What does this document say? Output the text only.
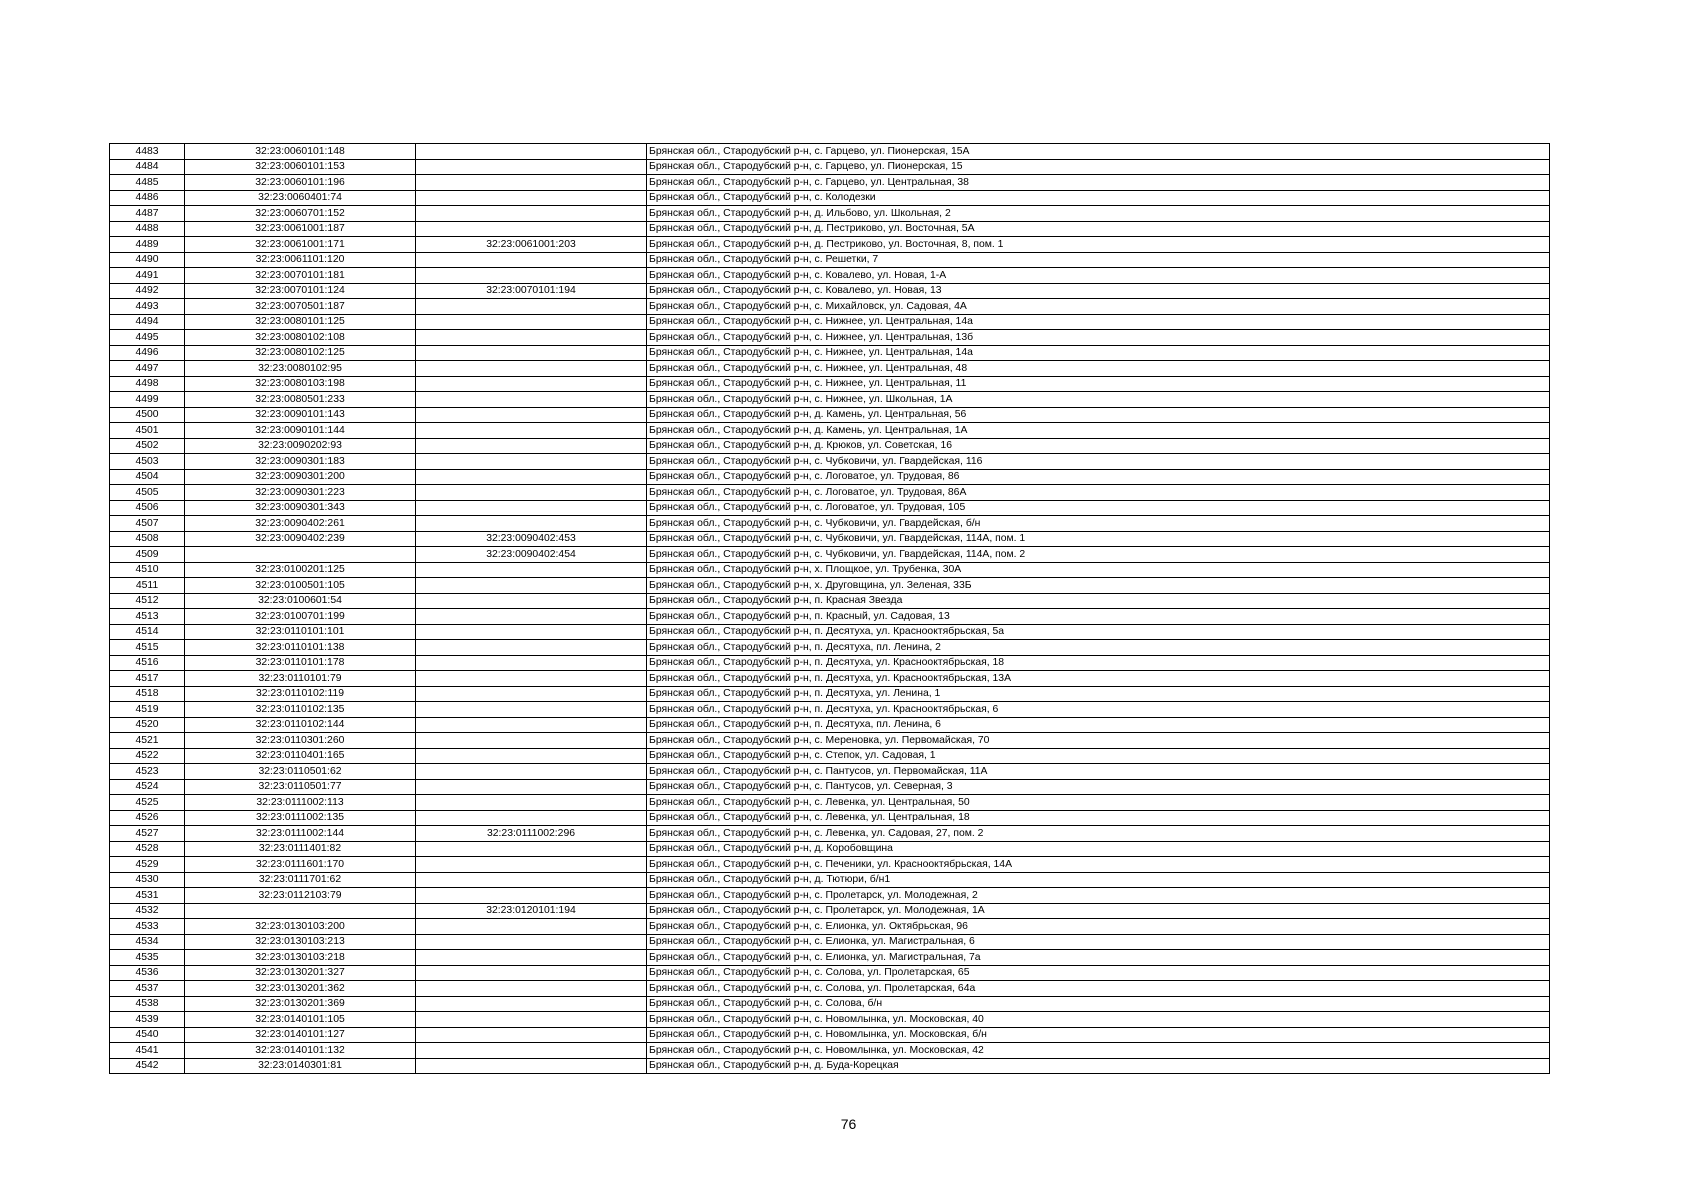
4483	32:23:0060101:148		Брянская обл., Стародубский р-н, с. Гарцево, ул. Пионерская, 15А
4484	32:23:0060101:153		Брянская обл., Стародубский р-н, с. Гарцево, ул. Пионерская, 15
4485	32:23:0060101:196		Брянская обл., Стародубский р-н, с. Гарцево, ул. Центральная, 38
4486	32:23:0060401:74		Брянская обл., Стародубский р-н, с. Колодезки
4487	32:23:0060701:152		Брянская обл., Стародубский р-н, д. Ильбово, ул. Школьная, 2
4488	32:23:0061001:187		Брянская обл., Стародубский р-н, д. Пестриково, ул. Восточная, 5А
4489	32:23:0061001:171	32:23:0061001:203	Брянская обл., Стародубский р-н, д. Пестриково, ул. Восточная, 8, пом. 1
4490	32:23:0061101:120		Брянская обл., Стародубский р-н, с. Решетки, 7
4491	32:23:0070101:181		Брянская обл., Стародубский р-н, с. Ковалево, ул. Новая, 1-А
4492	32:23:0070101:124	32:23:0070101:194	Брянская обл., Стародубский р-н, с. Ковалево, ул. Новая, 13
4493	32:23:0070501:187		Брянская обл., Стародубский р-н, с. Михайловск, ул. Садовая, 4А
4494	32:23:0080101:125		Брянская обл., Стародубский р-н, с. Нижнее, ул. Центральная, 14а
4495	32:23:0080102:108		Брянская обл., Стародубский р-н, с. Нижнее, ул. Центральная, 13б
4496	32:23:0080102:125		Брянская обл., Стародубский р-н, с. Нижнее, ул. Центральная, 14а
4497	32:23:0080102:95		Брянская обл., Стародубский р-н, с. Нижнее, ул. Центральная, 48
4498	32:23:0080103:198		Брянская обл., Стародубский р-н, с. Нижнее, ул. Центральная, 11
4499	32:23:0080501:233		Брянская обл., Стародубский р-н, с. Нижнее, ул. Школьная, 1А
4500	32:23:0090101:143		Брянская обл., Стародубский р-н, д. Камень, ул. Центральная, 56
4501	32:23:0090101:144		Брянская обл., Стародубский р-н, д. Камень, ул. Центральная, 1А
4502	32:23:0090202:93		Брянская обл., Стародубский р-н, д. Крюков, ул. Советская, 16
4503	32:23:0090301:183		Брянская обл., Стародубский р-н, с. Чубковичи, ул. Гвардейская, 116
4504	32:23:0090301:200		Брянская обл., Стародубский р-н, с. Логоватое, ул. Трудовая, 86
4505	32:23:0090301:223		Брянская обл., Стародубский р-н, с. Логоватое, ул. Трудовая, 86А
4506	32:23:0090301:343		Брянская обл., Стародубский р-н, с. Логоватое, ул. Трудовая, 105
4507	32:23:0090402:261		Брянская обл., Стародубский р-н, с. Чубковичи, ул. Гвардейская, б/н
4508	32:23:0090402:239	32:23:0090402:453	Брянская обл., Стародубский р-н, с. Чубковичи, ул. Гвардейская, 114А, пом. 1
4509		32:23:0090402:454	Брянская обл., Стародубский р-н, с. Чубковичи, ул. Гвардейская, 114А, пом. 2
4510	32:23:0100201:125		Брянская обл., Стародубский р-н, х. Площкое, ул. Трубенка, 30А
4511	32:23:0100501:105		Брянская обл., Стародубский р-н, х. Друговщина, ул. Зеленая, 33Б
4512	32:23:0100601:54		Брянская обл., Стародубский р-н, п. Красная Звезда
4513	32:23:0100701:199		Брянская обл., Стародубский р-н, п. Красный, ул. Садовая, 13
4514	32:23:0110101:101		Брянская обл., Стародубский р-н, п. Десятуха, ул. Краснооктябрьская, 5а
4515	32:23:0110101:138		Брянская обл., Стародубский р-н, п. Десятуха, пл. Ленина, 2
4516	32:23:0110101:178		Брянская обл., Стародубский р-н, п. Десятуха, ул. Краснооктябрьская, 18
4517	32:23:0110101:79		Брянская обл., Стародубский р-н, п. Десятуха, ул. Краснооктябрьская, 13А
4518	32:23:0110102:119		Брянская обл., Стародубский р-н, п. Десятуха, ул. Ленина, 1
4519	32:23:0110102:135		Брянская обл., Стародубский р-н, п. Десятуха, ул. Краснооктябрьская, 6
4520	32:23:0110102:144		Брянская обл., Стародубский р-н, п. Десятуха, пл. Ленина, 6
4521	32:23:0110301:260		Брянская обл., Стародубский р-н, с. Мереновка, ул. Первомайская, 70
4522	32:23:0110401:165		Брянская обл., Стародубский р-н, с. Степок, ул. Садовая, 1
4523	32:23:0110501:62		Брянская обл., Стародубский р-н, с. Пантусов, ул. Первомайская, 11А
4524	32:23:0110501:77		Брянская обл., Стародубский р-н, с. Пантусов, ул. Северная, 3
4525	32:23:0111002:113		Брянская обл., Стародубский р-н, с. Левенка, ул. Центральная, 50
4526	32:23:0111002:135		Брянская обл., Стародубский р-н, с. Левенка, ул. Центральная, 18
4527	32:23:0111002:144	32:23:0111002:296	Брянская обл., Стародубский р-н, с. Левенка, ул. Садовая, 27, пом. 2
4528	32:23:0111401:82		Брянская обл., Стародубский р-н, д. Коробовщина
4529	32:23:0111601:170		Брянская обл., Стародубский р-н, с. Печеники, ул. Краснооктябрьская, 14А
4530	32:23:0111701:62		Брянская обл., Стародубский р-н, д. Тютюри, б/н1
4531	32:23:0112103:79		Брянская обл., Стародубский р-н, с. Пролетарск, ул. Молодежная, 2
4532		32:23:0120101:194	Брянская обл., Стародубский р-н, с. Пролетарск, ул. Молодежная, 1А
4533	32:23:0130103:200		Брянская обл., Стародубский р-н, с. Елионка, ул. Октябрьская, 96
4534	32:23:0130103:213		Брянская обл., Стародубский р-н, с. Елионка, ул. Магистральная, 6
4535	32:23:0130103:218		Брянская обл., Стародубский р-н, с. Елионка, ул. Магистральная, 7а
4536	32:23:0130201:327		Брянская обл., Стародубский р-н, с. Солова, ул. Пролетарская, 65
4537	32:23:0130201:362		Брянская обл., Стародубский р-н, с. Солова, ул. Пролетарская, 64а
4538	32:23:0130201:369		Брянская обл., Стародубский р-н, с. Солова, б/н
4539	32:23:0140101:105		Брянская обл., Стародубский р-н, с. Новомлынка, ул. Московская, 40
4540	32:23:0140101:127		Брянская обл., Стародубский р-н, с. Новомлынка, ул. Московская, б/н
4541	32:23:0140101:132		Брянская обл., Стародубский р-н, с. Новомлынка, ул. Московская, 42
4542	32:23:0140301:81		Брянская обл., Стародубский р-н, д. Буда-Корецкая
76
